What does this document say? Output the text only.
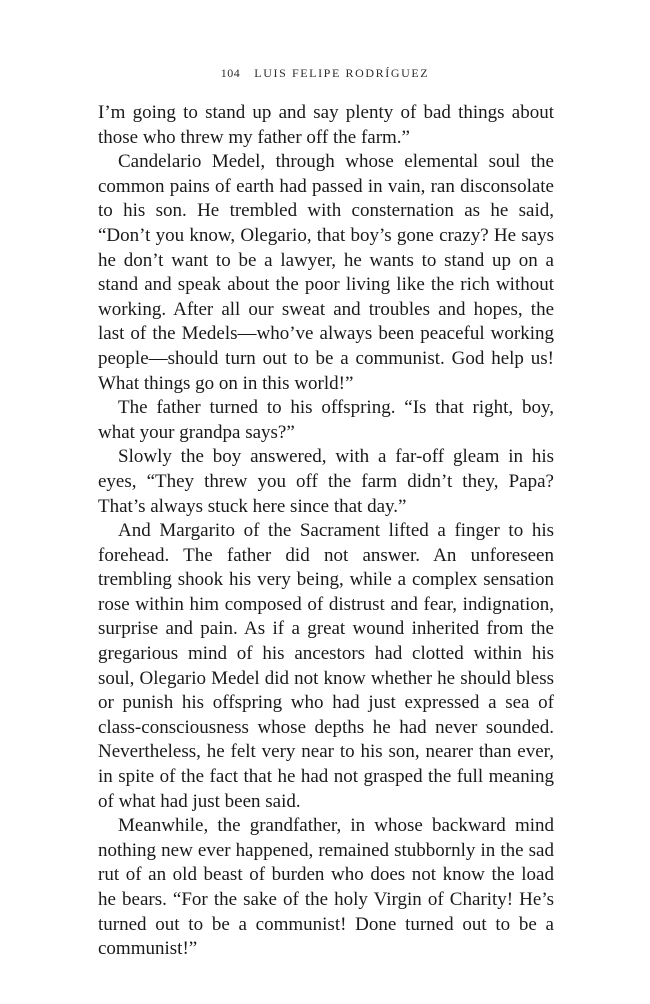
104 LUIS FELIPE RODRÍGUEZ

I’m going to stand up and say plenty of bad things about those who threw my father off the farm.”

Candelario Medel, through whose elemental soul the common pains of earth had passed in vain, ran disconsolate to his son. He trembled with consternation as he said, “Don’t you know, Olegario, that boy’s gone crazy? He says he don’t want to be a lawyer, he wants to stand up on a stand and speak about the poor living like the rich without working. After all our sweat and troubles and hopes, the last of the Medels—who’ve always been peaceful working people—should turn out to be a communist. God help us! What things go on in this world!”

The father turned to his offspring. “Is that right, boy, what your grandpa says?”

Slowly the boy answered, with a far-off gleam in his eyes, “They threw you off the farm didn’t they, Papa? That’s always stuck here since that day.”

And Margarito of the Sacrament lifted a finger to his forehead. The father did not answer. An unforeseen trembling shook his very being, while a complex sensation rose within him composed of distrust and fear, indignation, surprise and pain. As if a great wound inherited from the gregarious mind of his ancestors had clotted within his soul, Olegario Medel did not know whether he should bless or punish his offspring who had just expressed a sea of class-consciousness whose depths he had never sounded. Nevertheless, he felt very near to his son, nearer than ever, in spite of the fact that he had not grasped the full meaning of what had just been said.

Meanwhile, the grandfather, in whose backward mind nothing new ever happened, remained stubbornly in the sad rut of an old beast of burden who does not know the load he bears. “For the sake of the holy Virgin of Charity! He’s turned out to be a communist! Done turned out to be a communist!”
